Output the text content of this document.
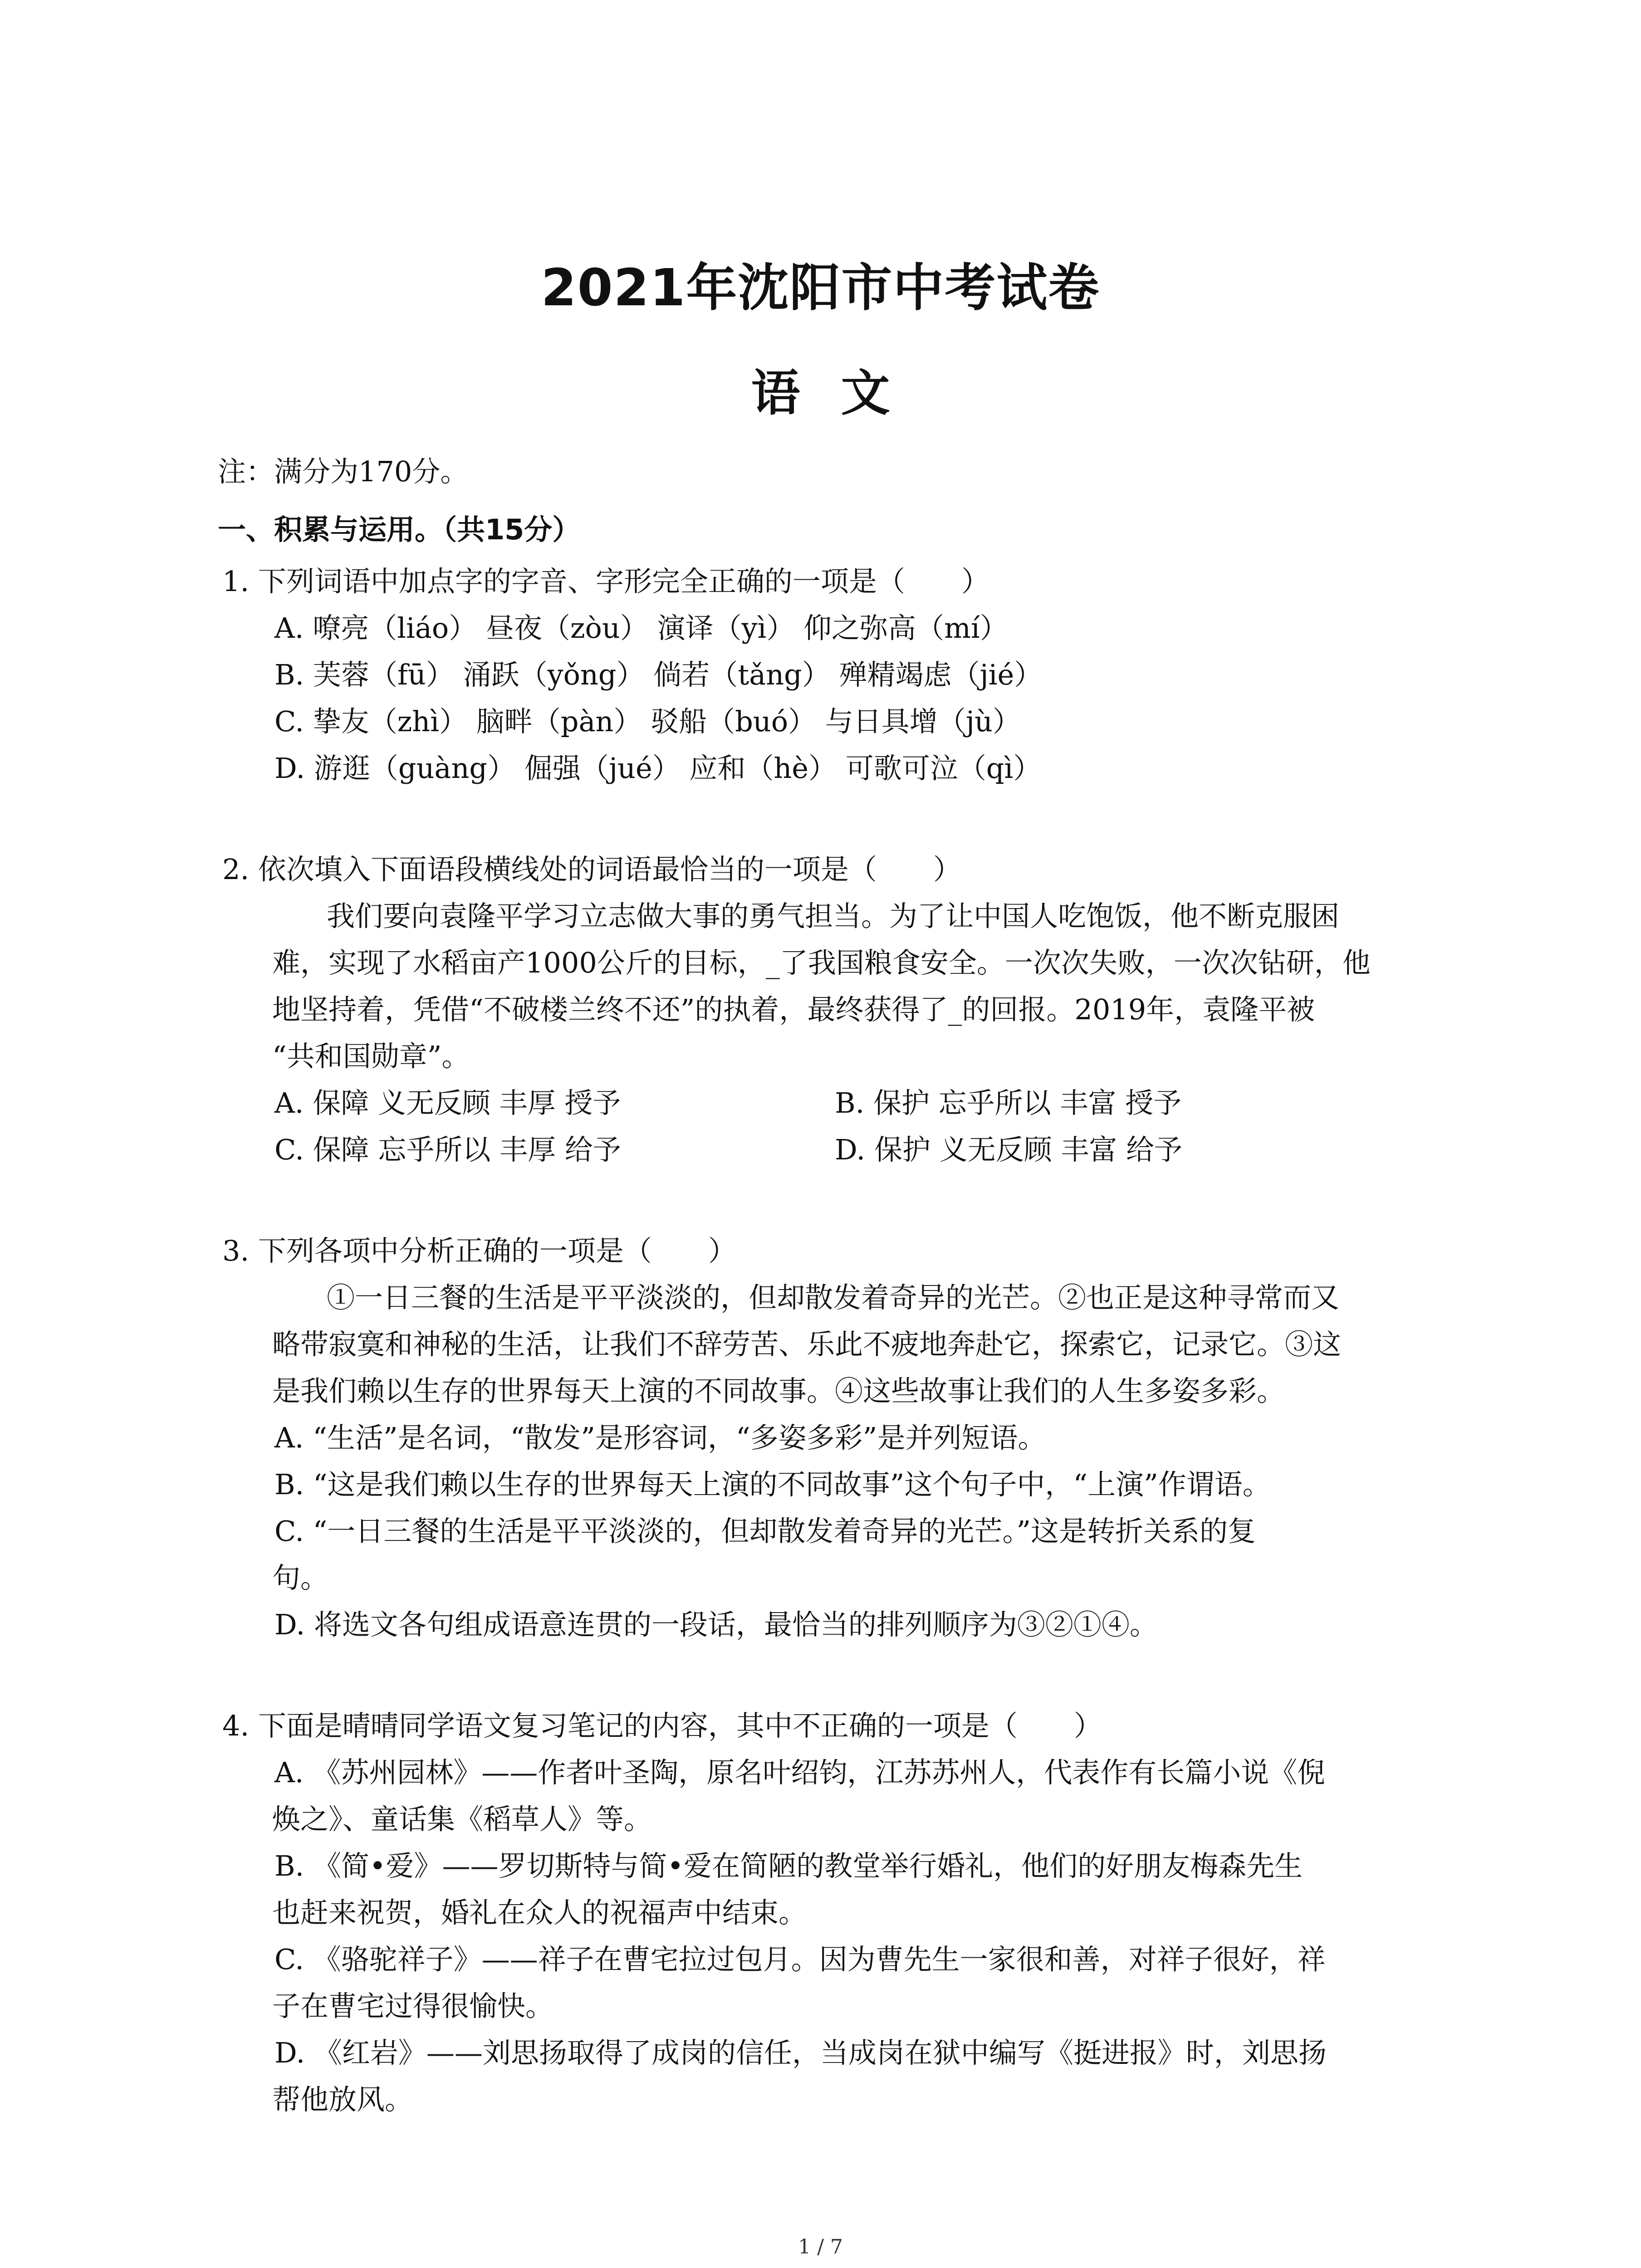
2021年沈阳市中考试卷
语文
注：满分为170分。
一、积累与运用。（共15分）
1. 下列词语中加点字的字音、字形完全正确的一项是（　　）
A. 嘹亮（liáo） 昼夜（zòu） 演译（yì） 仰之弥高（mí）
B. 芙蓉（fū） 涌跃（yǒng） 倘若（tǎng） 殚精竭虑（jié）
C. 挚友（zhì） 脑畔（pàn） 驳船（buó） 与日具增（jù）
D. 游逛（guàng） 倔强（jué） 应和（hè） 可歌可泣（qì）
2. 依次填入下面语段横线处的词语最恰当的一项是（　　）
我们要向袁隆平学习立志做大事的勇气担当。为了让中国人吃饱饭，他不断克服困
难，实现了水稻亩产1000公斤的目标，_了我国粮食安全。一次次失败，一次次钻研，他
地坚持着，凭借“不破楼兰终不还”的执着，最终获得了_的回报。2019年，袁隆平被
“共和国勋章”。
A. 保障 义无反顾 丰厚 授予	B. 保护 忘乎所以 丰富 授予
C. 保障 忘乎所以 丰厚 给予	D. 保护 义无反顾 丰富 给予
3. 下列各项中分析正确的一项是（　　）
①一日三餐的生活是平平淡淡的，但却散发着奇异的光芒。②也正是这种寻常而又
略带寂寞和神秘的生活，让我们不辞劳苦、乐此不疲地奔赴它，探索它，记录它。③这
是我们赖以生存的世界每天上演的不同故事。④这些故事让我们的人生多姿多彩。
A. “生活”是名词，“散发”是形容词，“多姿多彩”是并列短语。
B. “这是我们赖以生存的世界每天上演的不同故事”这个句子中，“上演”作谓语。
C. “一日三餐的生活是平平淡淡的，但却散发着奇异的光芒。”这是转折关系的复
句。
D. 将选文各句组成语意连贯的一段话，最恰当的排列顺序为③②①④。
4. 下面是晴晴同学语文复习笔记的内容，其中不正确的一项是（　　）
A. 《苏州园林》——作者叶圣陶，原名叶绍钧，江苏苏州人，代表作有长篇小说《倪
焕之》、童话集《稻草人》等。
B. 《简•爱》——罗切斯特与简•爱在简陋的教堂举行婚礼，他们的好朋友梅森先生
也赶来祝贺，婚礼在众人的祝福声中结束。
C. 《骆驼祥子》——祥子在曹宅拉过包月。因为曹先生一家很和善，对祥子很好，祥
子在曹宅过得很愉快。
D. 《红岩》——刘思扬取得了成岗的信任，当成岗在狱中编写《挺进报》时，刘思扬
帮他放风。
1 / 7
